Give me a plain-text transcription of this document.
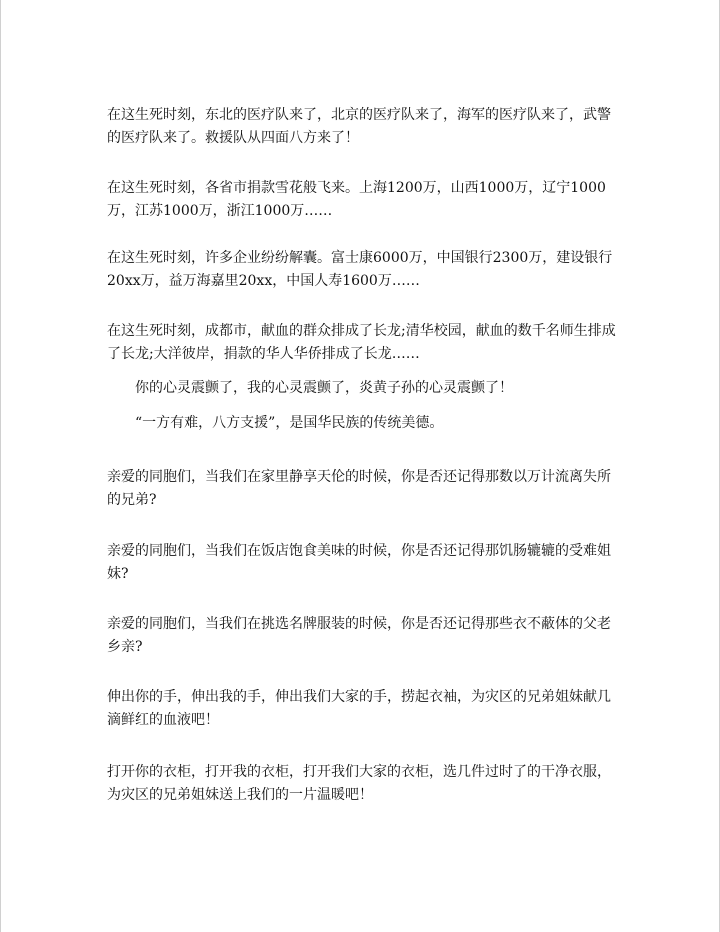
在这生死时刻，东北的医疗队来了，北京的医疗队来了，海军的医疗队来了，武警的医疗队来了。救援队从四面八方来了！
在这生死时刻，各省市捐款雪花般飞来。上海1200万，山西1000万，辽宁1000万，江苏1000万，浙江1000万……
在这生死时刻，许多企业纷纷解囊。富士康6000万，中国银行2300万，建设银行20xx万，益万海嘉里20xx，中国人寿1600万……
在这生死时刻，成都市，献血的群众排成了长龙;清华校园，献血的数千名师生排成了长龙;大洋彼岸，捐款的华人华侨排成了长龙……
你的心灵震颤了，我的心灵震颤了，炎黄子孙的心灵震颤了！
“一方有难，八方支援”，是国华民族的传统美德。
亲爱的同胞们，当我们在家里静享天伦的时候，你是否还记得那数以万计流离失所的兄弟?
亲爱的同胞们，当我们在饭店饱食美味的时候，你是否还记得那饥肠辘辘的受难姐妹?
亲爱的同胞们，当我们在挑选名牌服装的时候，你是否还记得那些衣不蔽体的父老乡亲?
伸出你的手，伸出我的手，伸出我们大家的手，捞起衣袖，为灾区的兄弟姐妹献几滴鲜红的血液吧！
打开你的衣柜，打开我的衣柜，打开我们大家的衣柜，选几件过时了的干净衣服，为灾区的兄弟姐妹送上我们的一片温暖吧！
